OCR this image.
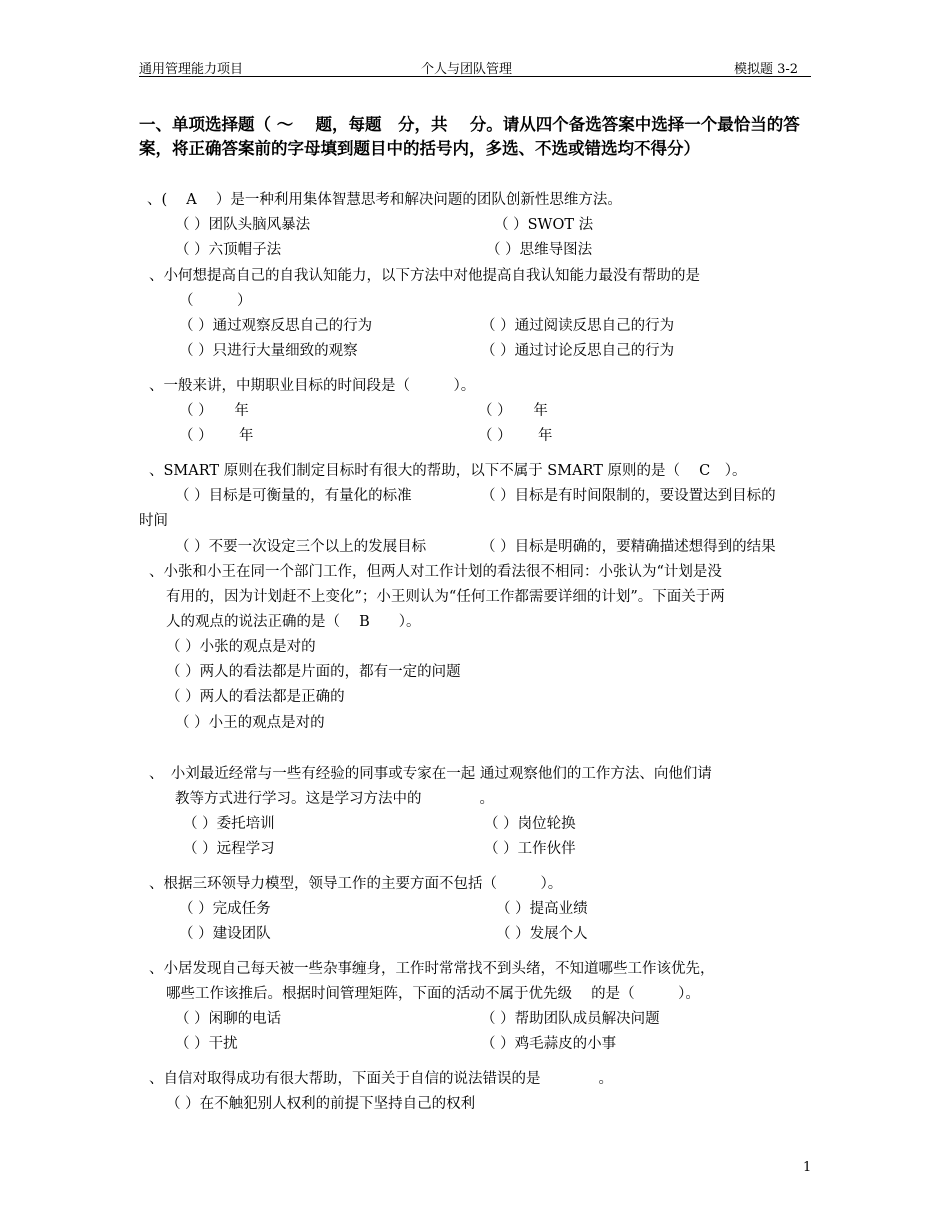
通用管理能力项目	个人与团队管理	模拟题 3-2
一、单项选择题（ ～　 题，每题　分，共　 分。请从四个备选答案中选择一个最恰当的答案，将正确答案前的字母填到题目中的括号内，多选、不选或错选均不得分）
、(　 A　 ）是一种利用集体智慧思考和解决问题的团队创新性思维方法。
（ ）团队头脑风暴法	（ ）SWOT 法
（ ）六顶帽子法	（ ）思维导图法
、小何想提高自己的自我认知能力，以下方法中对他提高自我认知能力最没有帮助的是
（　　　）
（ ）通过观察反思自己的行为	（ ）通过阅读反思自己的行为
（ ）只进行大量细致的观察	（ ）通过讨论反思自己的行为
、一般来讲，中期职业目标的时间段是（　　　）。
（ ）　　年	（ ）　　年
（ ）　　 年	（ ）　　 年
、SMART 原则在我们制定目标时有很大的帮助，以下不属于 SMART 原则的是（　 C　）。
（ ）目标是可衡量的，有量化的标准	（ ）目标是有时间限制的，要设置达到目标的
时间
（ ）不要一次设定三个以上的发展目标	（ ）目标是明确的，要精确描述想得到的结果
、小张和小王在同一个部门工作，但两人对工作计划的看法很不相同：小张认为“计划是没
有用的，因为计划赶不上变化”；小王则认为“任何工作都需要详细的计划”。下面关于两
人的观点的说法正确的是（　 B　　）。
（ ）小张的观点是对的
（ ）两人的看法都是片面的，都有一定的问题
（ ）两人的看法都是正确的
（ ）小王的观点是对的
、　小刘最近经常与一些有经验的同事或专家在一起 通过观察他们的工作方法、向他们请
教等方式进行学习。这是学习方法中的　　　　。
（ ）委托培训	（ ）岗位轮换
（ ）远程学习	（ ）工作伙伴
、根据三环领导力模型，领导工作的主要方面不包括（　　　）。
（ ）完成任务	（ ）提高业绩
（ ）建设团队	（ ）发展个人
、小居发现自己每天被一些杂事缠身，工作时常常找不到头绪，不知道哪些工作该优先，
哪些工作该推后。根据时间管理矩阵，下面的活动不属于优先级　 的是（　　　）。
（ ）闲聊的电话	（ ）帮助团队成员解决问题
（ ）干扰	（ ）鸡毛蒜皮的小事
、自信对取得成功有很大帮助，下面关于自信的说法错误的是　　　　。
（ ）在不触犯别人权利的前提下坚持自己的权利
1
